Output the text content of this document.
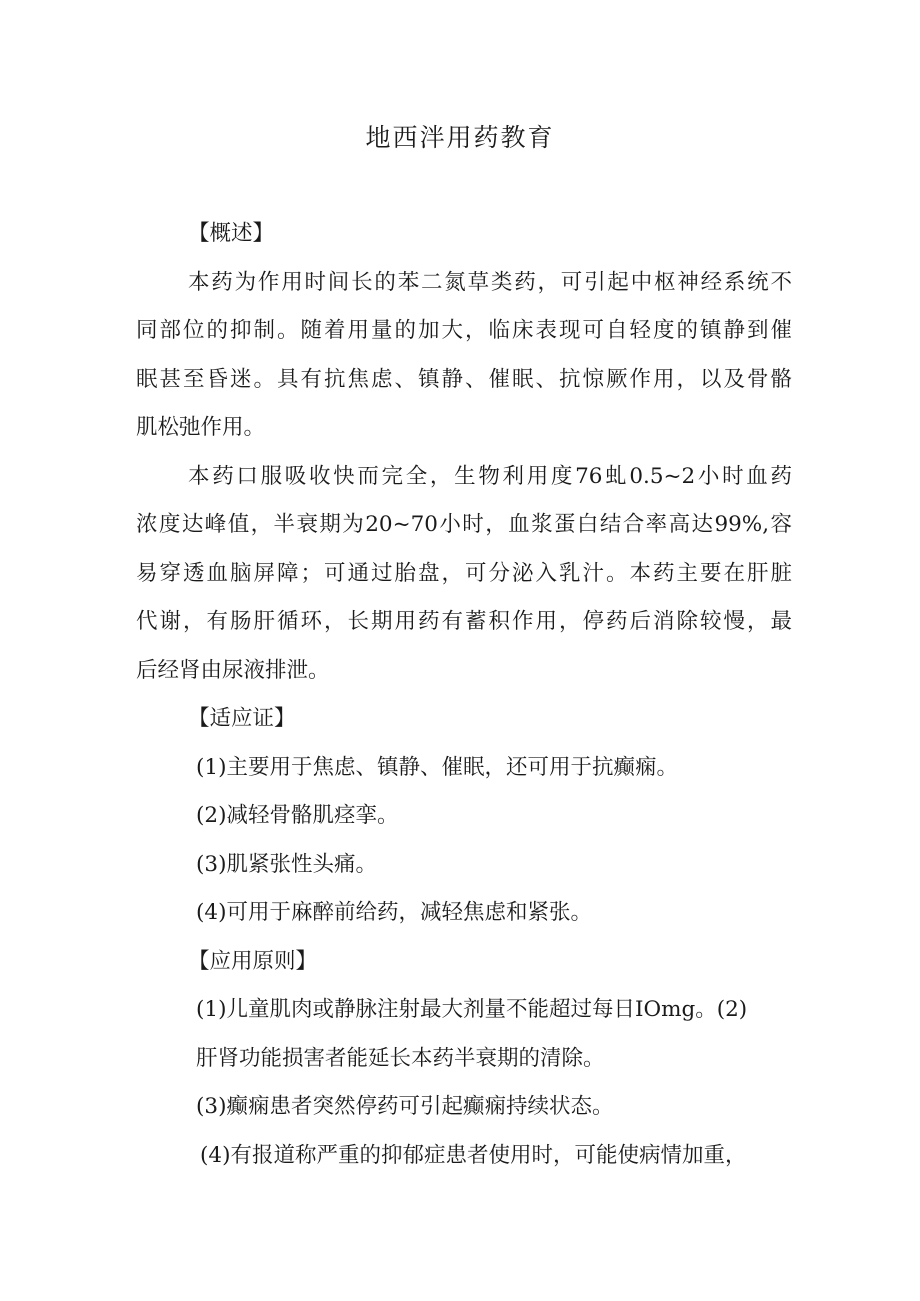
地西泮用药教育
【概述】
本药为作用时间长的苯二氮草类药，可引起中枢神经系统不
同部位的抑制。随着用量的加大，临床表现可自轻度的镇静到催
眠甚至昏迷。具有抗焦虑、镇静、催眠、抗惊厥作用，以及骨骼
肌松弛作用。
本药口服吸收快而完全，生物利用度76虬0.5~2小时血药
浓度达峰值，半衰期为20~70小时，血浆蛋白结合率高达99%,容
易穿透血脑屏障；可通过胎盘，可分泌入乳汁。本药主要在肝脏
代谢，有肠肝循环，长期用药有蓄积作用，停药后消除较慢，最
后经肾由尿液排泄。
【适应证】
(1)主要用于焦虑、镇静、催眠，还可用于抗癫痫。
(2)减轻骨骼肌痉挛。
(3)肌紧张性头痛。
(4)可用于麻醉前给药，减轻焦虑和紧张。
【应用原则】
(1)儿童肌肉或静脉注射最大剂量不能超过每日IOmg。(2)
肝肾功能损害者能延长本药半衰期的清除。
(3)癫痫患者突然停药可引起癫痫持续状态。
(4)有报道称严重的抑郁症患者使用时，可能使病情加重，
